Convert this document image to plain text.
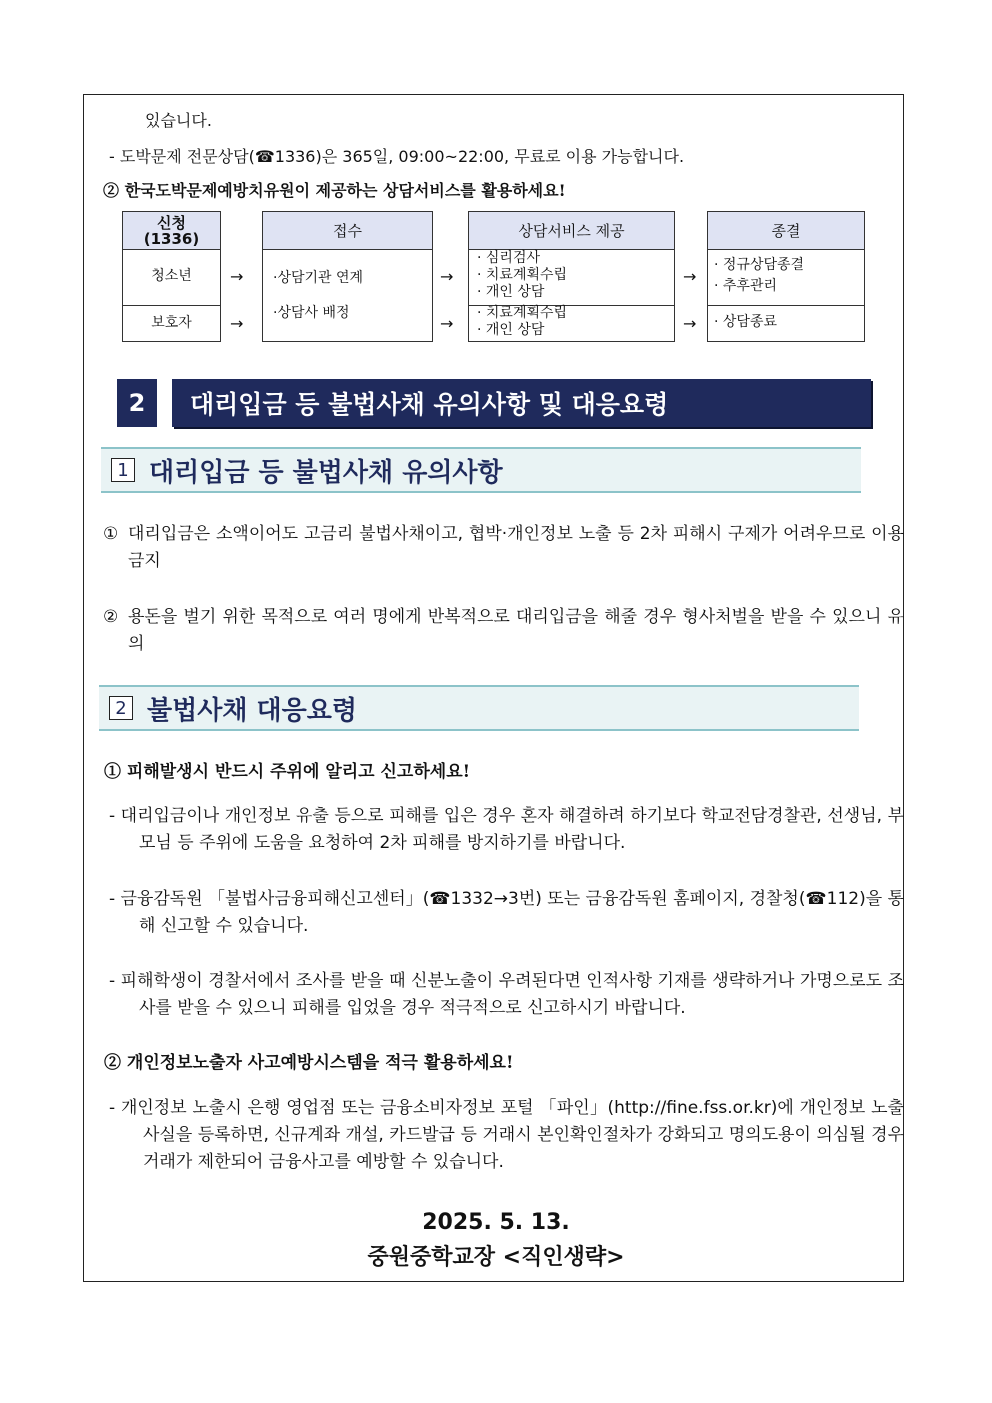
있습니다.
- 도박문제 전문상담(☎1336)은 365일, 09:00~22:00, 무료로 이용 가능합니다.
② 한국도박문제예방치유원이 제공하는 상담서비스를 활용하세요!
신청
(1336)
청소년
보호자
→
→
접수
·상담기관 연계
·상담사 배정
→
→
상담서비스 제공
· 심리검사
· 치료계획수립
· 개인 상담
· 치료계획수립
· 개인 상담
→
→
종결
· 정규상담종결
· 추후관리
· 상담종료
2	대리입금 등 불법사채 유의사항 및 대응요령
1 대리입금 등 불법사채 유의사항
① 대리입금은 소액이어도 고금리 불법사채이고, 협박·개인정보 노출 등 2차 피해시 구제가 어려우므로 이용 금지
② 용돈을 벌기 위한 목적으로 여러 명에게 반복적으로 대리입금을 해줄 경우 형사처벌을 받을 수 있으니 유의
2 불법사채 대응요령
① 피해발생시 반드시 주위에 알리고 신고하세요!
- 대리입금이나 개인정보 유출 등으로 피해를 입은 경우 혼자 해결하려 하기보다 학교전담경찰관, 선생님, 부모님 등 주위에 도움을 요청하여 2차 피해를 방지하기를 바랍니다.
- 금융감독원 「불법사금융피해신고센터」(☎1332→3번) 또는 금융감독원 홈페이지, 경찰청(☎112)을 통해 신고할 수 있습니다.
- 피해학생이 경찰서에서 조사를 받을 때 신분노출이 우려된다면 인적사항 기재를 생략하거나 가명으로도 조사를 받을 수 있으니 피해를 입었을 경우 적극적으로 신고하시기 바랍니다.
② 개인정보노출자 사고예방시스템을 적극 활용하세요!
- 개인정보 노출시 은행 영업점 또는 금융소비자정보 포털 「파인」(http://fine.fss.or.kr)에 개인정보 노출사실을 등록하면, 신규계좌 개설, 카드발급 등 거래시 본인확인절차가 강화되고 명의도용이 의심될 경우 거래가 제한되어 금융사고를 예방할 수 있습니다.
2025. 5. 13.
중원중학교장 <직인생략>
